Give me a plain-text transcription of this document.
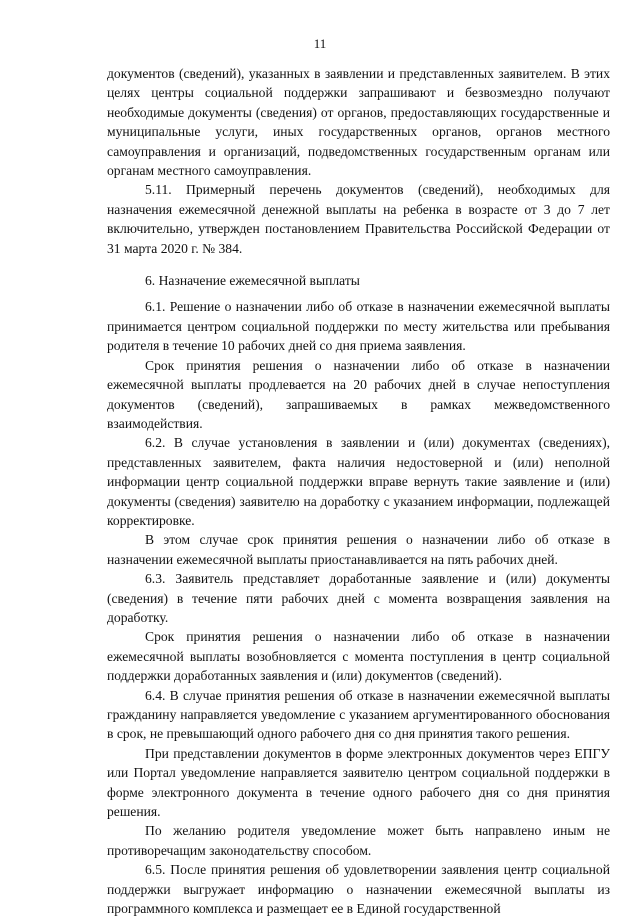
11

документов (сведений), указанных в заявлении и представленных заявителем. В этих целях центры социальной поддержки запрашивают и безвозмездно получают необходимые документы (сведения) от органов, предоставляющих государственные и муниципальные услуги, иных государственных органов, органов местного самоуправления и организаций, подведомственных государственным органам или органам местного самоуправления.

5.11. Примерный перечень документов (сведений), необходимых для назначения ежемесячной денежной выплаты на ребенка в возрасте от 3 до 7 лет включительно, утвержден постановлением Правительства Российской Федерации от 31 марта 2020 г. № 384.

6. Назначение ежемесячной выплаты

6.1. Решение о назначении либо об отказе в назначении ежемесячной выплаты принимается центром социальной поддержки по месту жительства или пребывания родителя в течение 10 рабочих дней со дня приема заявления.

Срок принятия решения о назначении либо об отказе в назначении ежемесячной выплаты продлевается на 20 рабочих дней в случае непоступления документов (сведений), запрашиваемых в рамках межведомственного взаимодействия.

6.2. В случае установления в заявлении и (или) документах (сведениях), представленных заявителем, факта наличия недостоверной и (или) неполной информации центр социальной поддержки вправе вернуть такие заявление и (или) документы (сведения) заявителю на доработку с указанием информации, подлежащей корректировке.

В этом случае срок принятия решения о назначении либо об отказе в назначении ежемесячной выплаты приостанавливается на пять рабочих дней.

6.3. Заявитель представляет доработанные заявление и (или) документы (сведения) в течение пяти рабочих дней с момента возвращения заявления на доработку.

Срок принятия решения о назначении либо об отказе в назначении ежемесячной выплаты возобновляется с момента поступления в центр социальной поддержки доработанных заявления и (или) документов (сведений).

6.4. В случае принятия решения об отказе в назначении ежемесячной выплаты гражданину направляется уведомление с указанием аргументированного обоснования в срок, не превышающий одного рабочего дня со дня принятия такого решения.

При представлении документов в форме электронных документов через ЕПГУ или Портал уведомление направляется заявителю центром социальной поддержки в форме электронного документа в течение одного рабочего дня со дня принятия решения.

По желанию родителя уведомление может быть направлено иным не противоречащим законодательству способом.

6.5. После принятия решения об удовлетворении заявления центр социальной поддержки выгружает информацию о назначении ежемесячной выплаты из программного комплекса и размещает ее в Единой государственной
